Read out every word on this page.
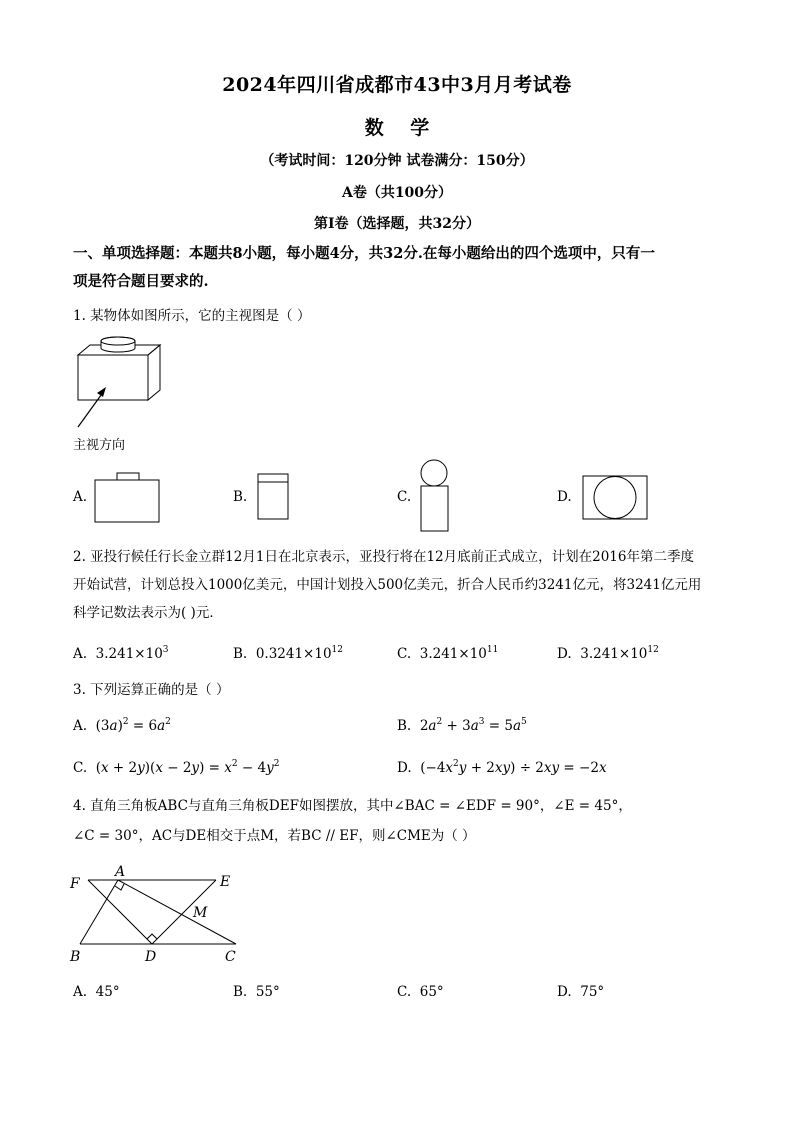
2024年四川省成都市43中3月月考试卷
数    学
（考试时间：120分钟 试卷满分：150分）
A卷（共100分）
第Ⅰ卷（选择题，共32分）
一、单项选择题：本题共8小题，每小题4分，共32分.在每小题给出的四个选项中，只有一
项是符合题目要求的.
1. 某物体如图所示，它的主视图是（ ）
主视方向
A.	B.	C.	D.
2. 亚投行候任行长金立群12月1日在北京表示，亚投行将在12月底前正式成立，计划在2016年第二季度
开始试营，计划总投入1000亿美元，中国计划投入500亿美元，折合人民币约3241亿元，将3241亿元用
科学记数法表示为( )元．
A. $3.241\times 10^3$	B. $0.3241\times 10^{12}$	C. $3.241\times 10^{11}$	D. $3.241\times 10^{12}$
3. 下列运算正确的是（ ）
A. $(3a)^2 = 6a^2$	B. $2a^2 + 3a^3 = 5a^5$
C. $(x + 2y)(x - 2y) = x^2 - 4y^2$	D. $(-4x^2y + 2xy) \div 2xy = -2x$
4. 直角三角板ABC与直角三角板DEF如图摆放，其中∠BAC = ∠EDF = 90°，∠E = 45°，
∠C = 30°，AC与DE相交于点M，若BC // EF，则∠CME为（ ）
F
A
E
M
B	D	C
A. 45°	B. 55°	C. 65°	D. 75°
